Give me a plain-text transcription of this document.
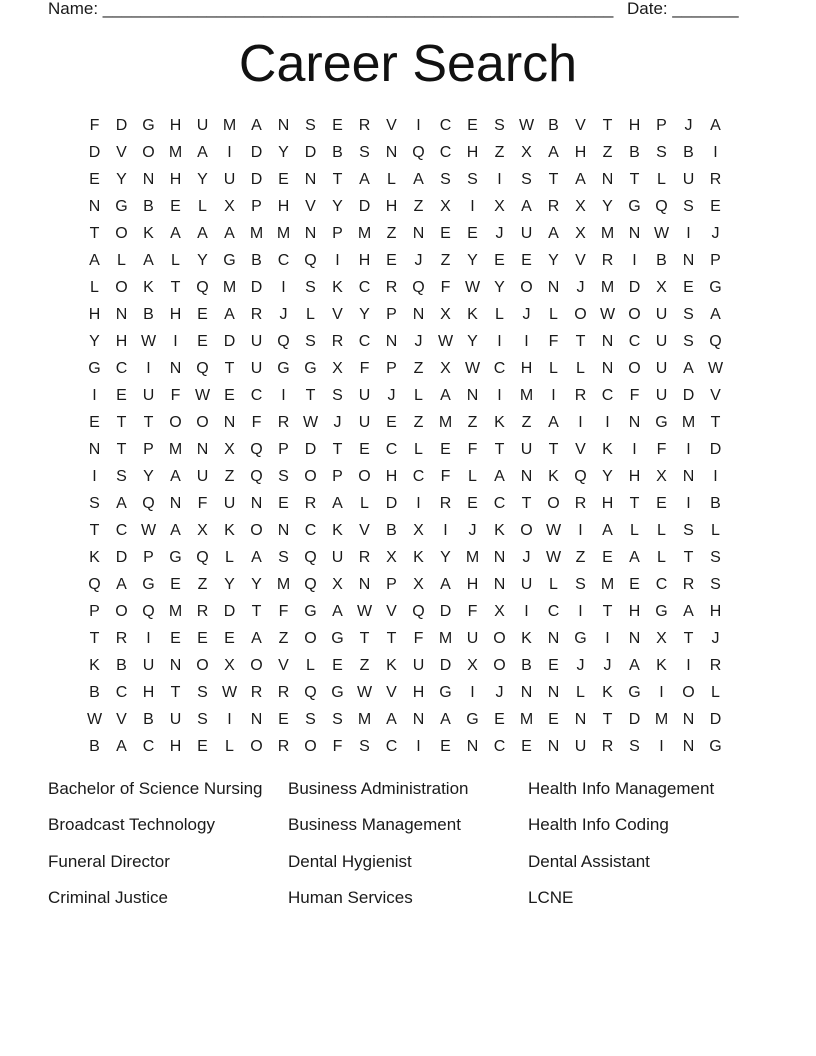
Name: ______________________________________________________ Date: _______
Career Search
F	D G H U M A N S	E R V	I	C E	S W B	V	T	H P	J	A
D V O M A	I	D Y D B	S N Q C H	Z	X	A H	Z	B	S	B	I
E	Y N H Y U D E N	T	A	L	A	S	S	I	S	T	A N	T	L	U R
N G B	E	L	X	P H V	Y D H	Z	X	I	X	A R X	Y G Q S	E
T O K	A	A	A M M N P M Z	N E	E	J	U A	X M N W	I	J
A	L	A	L	Y G B C Q	I	H E	J	Z	Y	E	E	Y	V R	I	B N P
L	O K	T Q M D	I	S	K C R Q F W Y O N	J	M D X	E G
H N B H E	A R	J	L	V	Y	P N X	K	L	J	L	O W O U S	A
Y H W	I	E D U Q S R C N	J W Y	I	I	F	T	N C U S Q
G C	I	N Q T	U G G X	F	P	Z	X W C H	L	L	N O U A W
I	E U	F W E C	I	T	S U	J	L	A N	I	M	I	R C	F	U D V
E	T	T O O N	F	R W J	U E	Z M Z	K	Z	A	I	I	N G M T
N	T	P M N X Q P D	T	E C	L	E	F	T	U	T	V	K	I	F	I	D
I	S	Y	A U	Z Q S O P O H C	F	L	A N K Q Y H X N	I
S	A Q N	F	U N E R A	L	D	I	R E C	T O R H	T	E	I	B
T	C W A	X	K O N C K	V	B	X	I	J	K O W	I	A	L	L	S	L
K D P G Q	L	A	S Q U R X	K	Y M N	J W Z	E	A	L	T	S
Q A G E	Z	Y	Y M Q X N P	X	A H N U	L	S M E C R S
P O Q M R D	T	F G A W V Q D	F	X	I	C	I	T	H G A H
T	R	I	E	E	E	A	Z O G T	T	F M U O K N G	I	N X	T	J
K	B U N O X O V	L	E	Z	K U D X O B	E	J	J	A	K	I	R
B C H	T	S W R R Q G W V H G	I	J	N N	L	K G	I	O	L
W V	B U S	I	N E	S	S M A N A G E M E N	T	D M N D
B	A C H E	L	O R O F	S C	I	E N C E N U R S	I	N G
Bachelor of Science Nursing	Business Administration	Health Info Management
Broadcast Technology	Business Management	Health Info Coding
Funeral Director	Dental Hygienist	Dental Assistant
Criminal Justice	Human Services	LCNE
